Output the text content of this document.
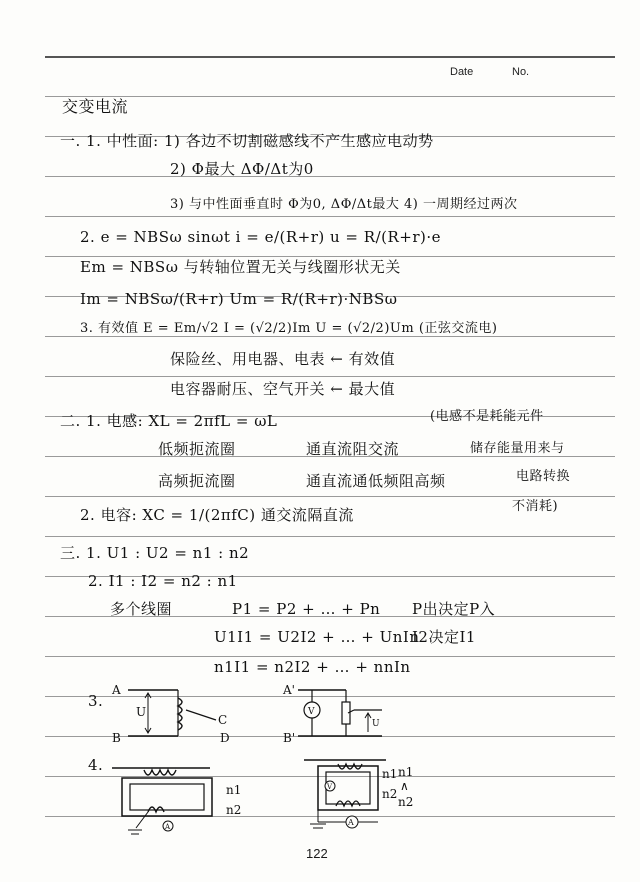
Date	No.
交变电流
一. 1. 中性面: 1) 各边不切割磁感线不产生感应电动势
2) Φ最大 ΔΦ/Δt为0
3) 与中性面垂直时 Φ为0, ΔΦ/Δt最大 4) 一周期经过两次
2. e = NBSω sinωt i = e/(R+r) u = R/(R+r)·e
Em = NBSω 与转轴位置无关与线圈形状无关
Im = NBSω/(R+r) Um = R/(R+r)·NBSω
3. 有效值 E = Em/√2 I = (√2/2)Im U = (√2/2)Um (正弦交流电)
保险丝、用电器、电表 ← 有效值
电容器耐压、空气开关 ← 最大值
二. 1. 电感: XL = 2πfL = ωL	(电感不是耗能元件
低频扼流圈	通直流阻交流	储存能量用来与
高频扼流圈	通直流通低频阻高频	电路转换
不消耗)
2. 电容: XC = 1/(2πfC) 通交流隔直流
三. 1. U1 : U2 = n1 : n2
2. I1 : I2 = n2 : n1
多个线圈	P1 = P2 + … + Pn P出决定P入
U1I1 = U2I2 + … + UnIn
I2决定I1
n1I1 = n2I2 + … + nnIn
3.
4.
A
B
U
C
D
V
A'
B'
U
A
n1
n2
V
A
n1
n2
n1
∧
n2
122
